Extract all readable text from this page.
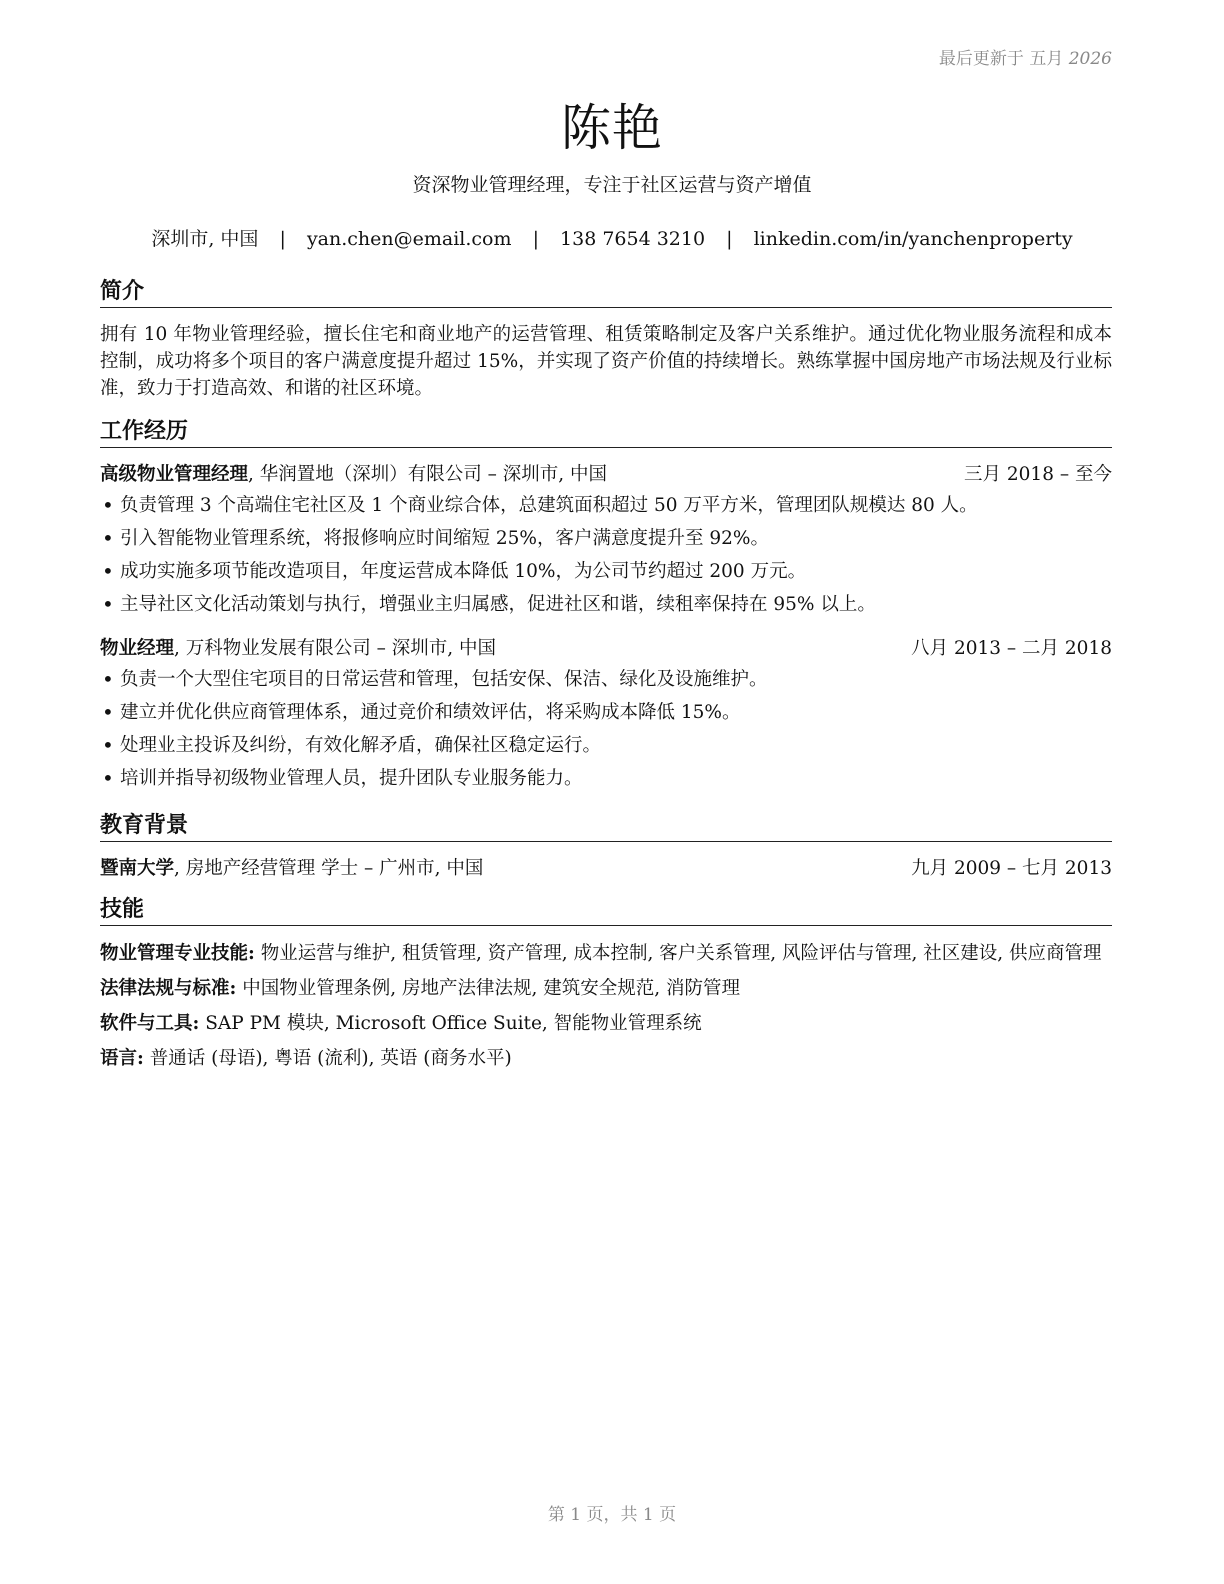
最后更新于 五月 2026
陈艳
资深物业管理经理，专注于社区运营与资产增值
深圳市, 中国 | yan.chen@email.com | 138 7654 3210 | linkedin.com/in/yanchenproperty
简介

拥有 10 年物业管理经验，擅长住宅和商业地产的运营管理、租赁策略制定及客户关系维护。通过优化物业服务流程和成本控制，成功将多个项目的客户满意度提升超过 15%，并实现了资产价值的持续增长。熟练掌握中国房地产市场法规及行业标准，致力于打造高效、和谐的社区环境。

工作经历
高级物业管理经理, 华润置地（深圳）有限公司 – 深圳市, 中国	三月 2018 – 至今
• 负责管理 3 个高端住宅社区及 1 个商业综合体，总建筑面积超过 50 万平方米，管理团队规模达 80 人。
• 引入智能物业管理系统，将报修响应时间缩短 25%，客户满意度提升至 92%。
• 成功实施多项节能改造项目，年度运营成本降低 10%，为公司节约超过 200 万元。
• 主导社区文化活动策划与执行，增强业主归属感，促进社区和谐，续租率保持在 95% 以上。
物业经理, 万科物业发展有限公司 – 深圳市, 中国	八月 2013 – 二月 2018
• 负责一个大型住宅项目的日常运营和管理，包括安保、保洁、绿化及设施维护。
• 建立并优化供应商管理体系，通过竞价和绩效评估，将采购成本降低 15%。
• 处理业主投诉及纠纷，有效化解矛盾，确保社区稳定运行。
• 培训并指导初级物业管理人员，提升团队专业服务能力。
教育背景
暨南大学, 房地产经营管理 学士 – 广州市, 中国	九月 2009 – 七月 2013
技能
物业管理专业技能: 物业运营与维护, 租赁管理, 资产管理, 成本控制, 客户关系管理, 风险评估与管理, 社区建设, 供应商管理
法律法规与标准: 中国物业管理条例, 房地产法律法规, 建筑安全规范, 消防管理
软件与工具: SAP PM 模块, Microsoft Office Suite, 智能物业管理系统
语言: 普通话 (母语), 粤语 (流利), 英语 (商务水平)
第 1 页，共 1 页
